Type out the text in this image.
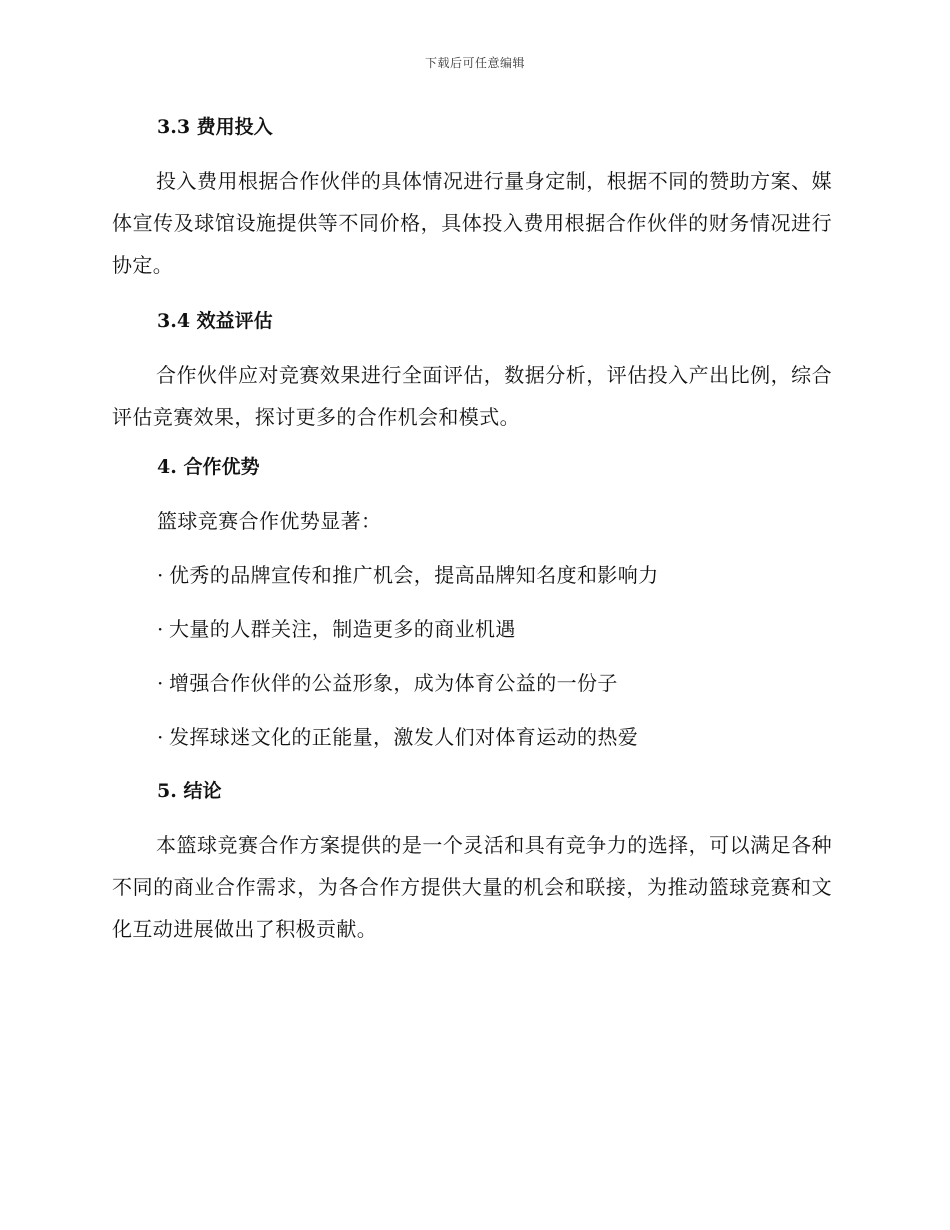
下载后可任意编辑
3.3 费用投入

投入费用根据合作伙伴的具体情况进行量身定制，根据不同的赞助方案、媒体宣传及球馆设施提供等不同价格，具体投入费用根据合作伙伴的财务情况进行协定。

3.4 效益评估

合作伙伴应对竞赛效果进行全面评估，数据分析，评估投入产出比例，综合评估竞赛效果，探讨更多的合作机会和模式。

4. 合作优势

篮球竞赛合作优势显著：

· 优秀的品牌宣传和推广机会，提高品牌知名度和影响力

· 大量的人群关注，制造更多的商业机遇

· 增强合作伙伴的公益形象，成为体育公益的一份子

· 发挥球迷文化的正能量，激发人们对体育运动的热爱

5. 结论

本篮球竞赛合作方案提供的是一个灵活和具有竞争力的选择，可以满足各种不同的商业合作需求，为各合作方提供大量的机会和联接，为推动篮球竞赛和文化互动进展做出了积极贡献。
